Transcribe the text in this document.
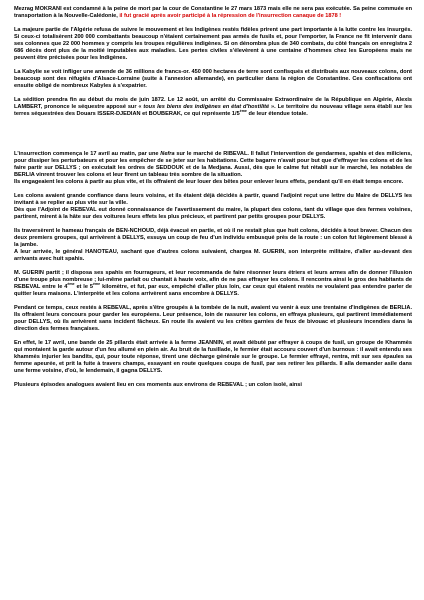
Mezrag MOKRANI est condamné à la peine de mort par la cour de Constantine le 27 mars 1873 mais elle ne sera pas exécutée. Sa peine commuée en transportation à la Nouvelle-Calédonie, il fut gracié après avoir participé à la répression de l'insurrection canaque de 1878 !

La majeure partie de l'Algérie refusa de suivre le mouvement et les Indigènes restés fidèles prirent une part importante à la lutte contre les insurgés. Si ceux-ci totalisèrent 200 000 combattants beaucoup n'étaient certainement pas armés de fusils et, pour l'emporter, la France ne fit intervenir dans ses colonnes que 22 000 hommes y compris les troupes régulières indigènes. Si on dénombra plus de 340 combats, du côté français on enregistra 2 686 décès dont plus de la moitié imputables aux maladies. Les pertes civiles s'élevèrent à une centaine d'hommes chez les Européens mais ne peuvent être précisées pour les Indigènes.

La Kabylie se voit infliger une amende de 36 millions de francs-or. 450 000 hectares de terre sont confisqués et distribués aux nouveaux colons, dont beaucoup sont des réfugiés d'Alsace-Lorraine (suite à l'annexion allemande), en particulier dans la région de Constantine. Ces confiscations ont ensuite obligé de nombreux Kabyles à s'expatrier.

La sédition prendra fin au début du mois de juin 1872. Le 12 août, un arrêté du Commissaire Extraordinaire de la République en Algérie, Alexis LAMBERT, prononce le séquestre apposé sur « tous les biens des indigènes en état d'hostilité ». Le territoire du nouveau village sera établi sur les terres séquestrées des Douars ISSER-DJEDIAN et BOUBERAK, ce qui représente 1/5ème de leur étendue totale.

L'insurrection commença le 17 avril au matin, par une Nefra sur le marché de RIBEVAL. Il fallut l'intervention de gendarmes, spahis et des miliciens, pour dissiper les perturbateurs et pour les empêcher de se jeter sur les habitations. Cette bagarre n'avait pour but que d'effrayer les colons et de les faire partir sur DELLYS ; on exécutait les ordres de SEDDOUK et de la Medjana. Aussi, dès que le calme fut rétabli sur le marché, les notables de BERLIA vinrent trouver les colons et leur firent un tableau très sombre de la situation.
Ils engageaient les colons à partir au plus vite, et ils offraient de leur louer des bêtes pour enlever leurs effets, pendant qu'il en était temps encore.

Les colons avaient grande confiance dans leurs voisins, et ils étaient déjà décidés à partir, quand l'adjoint reçut une lettre du Maire de DELLYS les invitant à se replier au plus vite sur la ville.
Dès que l'Adjoint de REBEVAL eut donné connaissance de l'avertissement du maire, la plupart des colons, tant du village que des fermes voisines, partirent, mirent à la hâte sur des voitures leurs effets les plus précieux, et partirent par petits groupes pour DELLYS.

Ils traversèrent le hameau français de BEN-NCHOUD, déjà évacué en partie, et où il ne restait plus que huit colons, décidés à tout braver. Chacun des deux premiers groupes, qui arrivèrent à DELLYS, essuya un coup de feu d'un individu embusqué près de la route : un colon fut légèrement blessé à la jambe.
A leur arrivée, le général HANOTEAU, sachant que d'autres colons suivaient, chargea M. GUERIN, son interprète militaire, d'aller au-devant des arrivants avec huit spahis.

M. GUERIN partit ; il disposa ses spahis en fourrageurs, et leur recommanda de faire résonner leurs étriers et leurs armes afin de donner l'illusion d'une troupe plus nombreuse ; lui-même parlait ou chantait à haute voix, afin de ne pas effrayer les colons. Il rencontra ainsi le gros des habitants de REBEVAL entre le 4ème et le 5ème kilomètre, et fut, par eux, empêché d'aller plus loin, car ceux qui étaient restés ne voulaient pas entendre parler de quitter leurs maisons. L'interprète et les colons arrivèrent sans encombre à DELLYS.

Pendant ce temps, ceux restés à REBEVAL, après s'être groupés à la tombée de la nuit, avaient vu venir à eux une trentaine d'indigènes de BERLIA. Ils offraient leurs concours pour garder les européens. Leur présence, loin de rassurer les colons, en effraya plusieurs, qui partirent immédiatement pour DELLYS, où ils arrivèrent sans incident fâcheux. En route ils avaient vu les crêtes garnies de feux de bivouac et plusieurs incendies dans la direction des fermes françaises.

En effet, le 17 avril, une bande de 25 pillards était arrivée à la ferme JEANNIN, et avait débuté par effrayer à coups de fusil, un groupe de Khammès qui montaient la garde autour d'un feu allumé en plein air. Au bruit de la fusillade, le fermier était accouru couvert d'un burnous : il avait entendu ses khammès injurier les bandits, qui, pour toute réponse, tirent une décharge générale sur le groupe. Le fermier effrayé, rentra, mit sur ses épaules sa femme apeurée, et prit la fuite à travers champs, essayant en route quelques coups de fusil, par ses retirer les pillards. Il alla demander asile dans une ferme voisine, d'où, le lendemain, il gagna DELLYS.

Plusieurs épisodes analogues avaient lieu en ces moments aux environs de REBEVAL ; un colon isolé, ainsi
